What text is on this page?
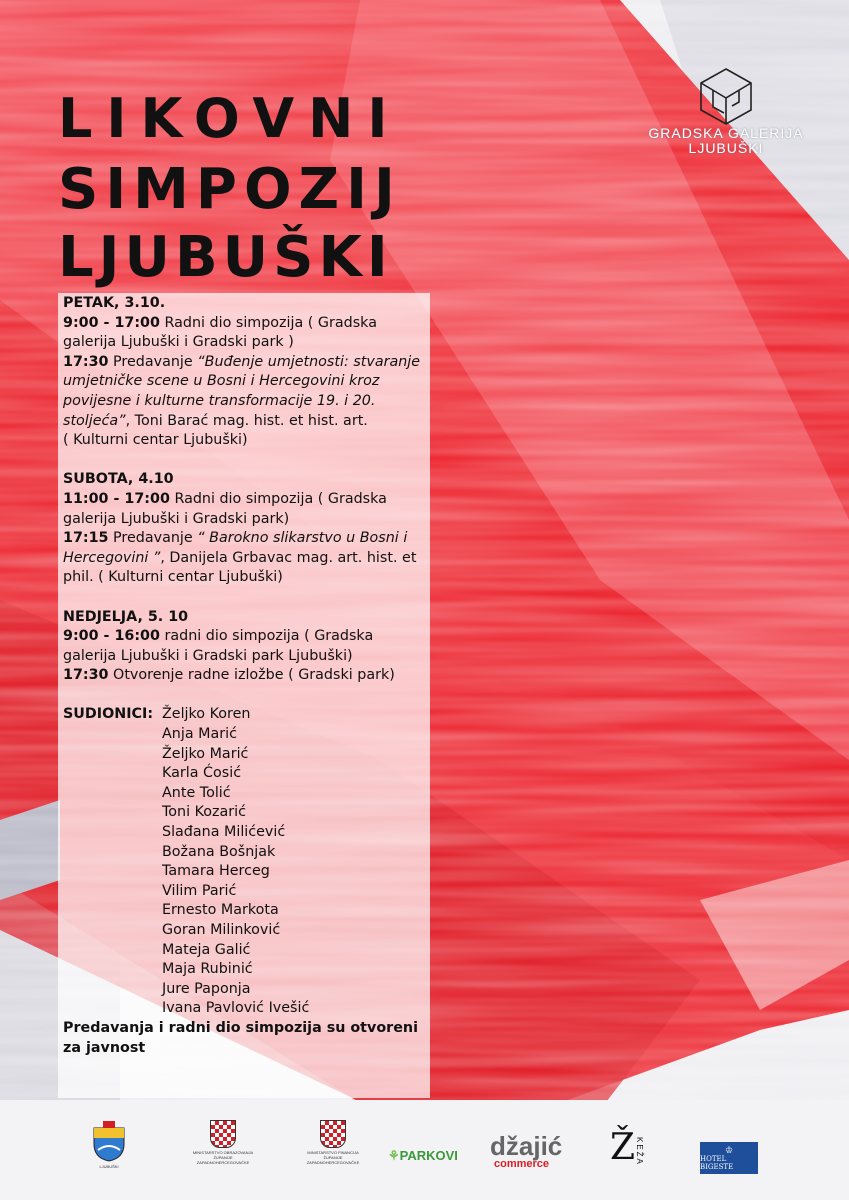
LIKOVNI
SIMPOZIJ
LJUBUŠKI
GRADSKA GALERIJA
LJUBUŠKI

PETAK, 3.10.

9:00 - 17:00 Radni dio simpozija ( Gradska galerija Ljubuški i Gradski park )

17:30 Predavanje “Buđenje umjetnosti: stvaranje umjetničke scene u Bosni i Hercegovini kroz povijesne i kulturne transformacije 19. i 20. stoljeća”, Toni Barać mag. hist. et hist. art.

( Kulturni centar Ljubuški)

SUBOTA, 4.10

11:00 - 17:00 Radni dio simpozija ( Gradska galerija Ljubuški i Gradski park)

17:15 Predavanje “ Barokno slikarstvo u Bosni i Hercegovini ”, Danijela Grbavac mag. art. hist. et phil. ( Kulturni centar Ljubuški)

NEDJELJA, 5. 10

9:00 - 16:00 radni dio simpozija ( Gradska galerija Ljubuški i Gradski park Ljubuški)

17:30 Otvorenje radne izložbe ( Gradski park)

SUDIONICI: Željko Koren
Anja Marić
Željko Marić
Karla Ćosić
Ante Tolić
Toni Kozarić
Slađana Milićević
Božana Bošnjak
Tamara Herceg
Vilim Parić
Ernesto Markota
Goran Milinković
Mateja Galić
Maja Rubinić
Jure Paponja
Ivana Pavlović Ivešić

Predavanja i radni dio simpozija su otvoreni za javnost

LJUBUŠKI
MINISTARSTVO OBRAZOVANJA ŽUPANIJE ZAPADNOHERCEGOVAČKE
MINISTARSTVO FINANCIJA ŽUPANIJE ZAPADNOHERCEGOVAČKE	⚘PARKOVI džajić
commerce Ž KEŽA	♔
HOTEL BIGESTE
